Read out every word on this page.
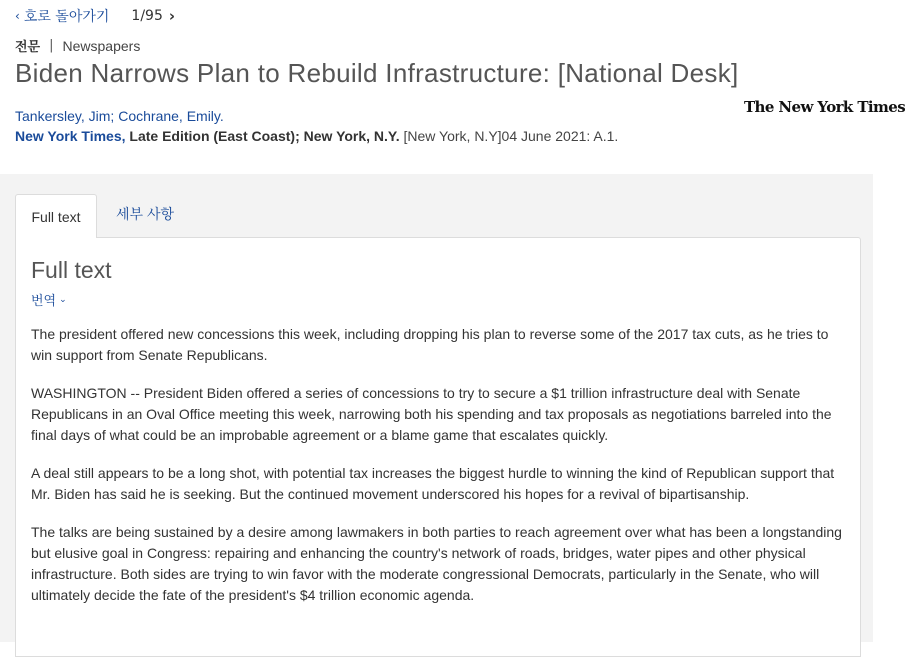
‹ 호로 돌아가기 1/95 ›
전문 | Newspapers
Biden Narrows Plan to Rebuild Infrastructure: [National Desk]
Tankersley, Jim; Cochrane, Emily.
New York Times, Late Edition (East Coast); New York, N.Y. [New York, N.Y]04 June 2021: A.1.
The New York Times
Full text	세부 사항
Full text
번역 ⌄

The president offered new concessions this week, including dropping his plan to reverse some of the 2017 tax cuts, as he tries to win support from Senate Republicans.

WASHINGTON -- President Biden offered a series of concessions to try to secure a $1 trillion infrastructure deal with Senate Republicans in an Oval Office meeting this week, narrowing both his spending and tax proposals as negotiations barreled into the final days of what could be an improbable agreement or a blame game that escalates quickly.

A deal still appears to be a long shot, with potential tax increases the biggest hurdle to winning the kind of Republican support that Mr. Biden has said he is seeking. But the continued movement underscored his hopes for a revival of bipartisanship.

The talks are being sustained by a desire among lawmakers in both parties to reach agreement over what has been a longstanding but elusive goal in Congress: repairing and enhancing the country's network of roads, bridges, water pipes and other physical infrastructure. Both sides are trying to win favor with the moderate congressional Democrats, particularly in the Senate, who will ultimately decide the fate of the president's $4 trillion economic agenda.
